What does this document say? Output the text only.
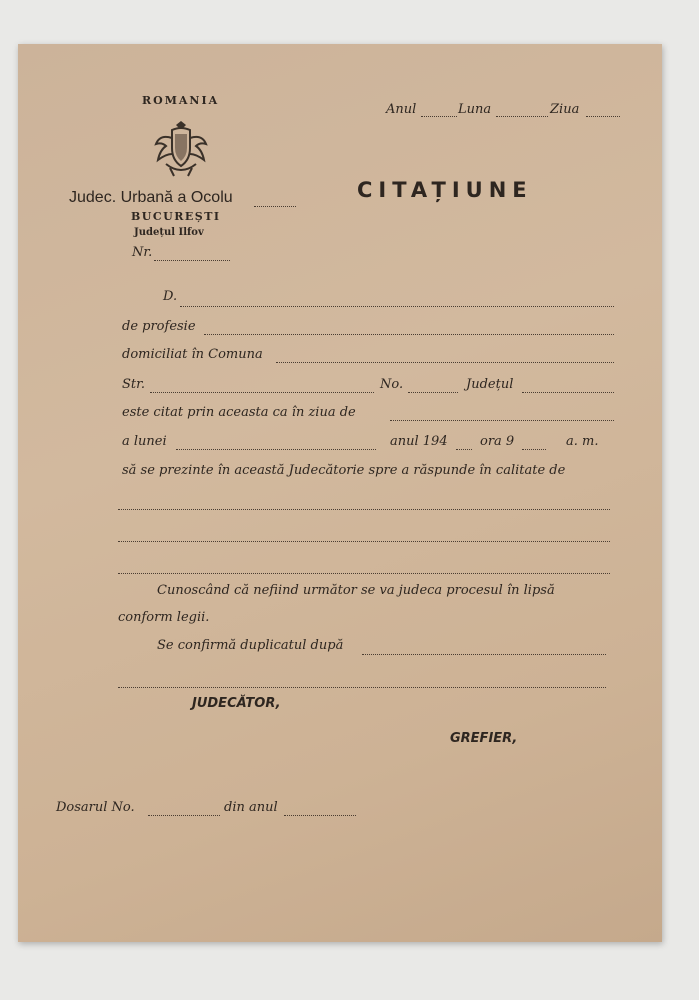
ROMANIA
Judec. Urbană a Ocolu
BUCUREȘTI
Județul Ilfov
Nr.
Anul	Luna	Ziua
CITAȚIUNE
D.
de profesie
domiciliat în Comuna
Str.	No.	Județul
este citat prin aceasta ca în ziua de
a lunei	anul 194 ora 9	a. m.
să se prezinte în această Judecătorie spre a răspunde în calitate de
Cunoscând că nefiind următor se va judeca procesul în lipsă
conform legii.
Se confirmă duplicatul după
JUDECĂTOR,
GREFIER,
Dosarul No.	din anul
